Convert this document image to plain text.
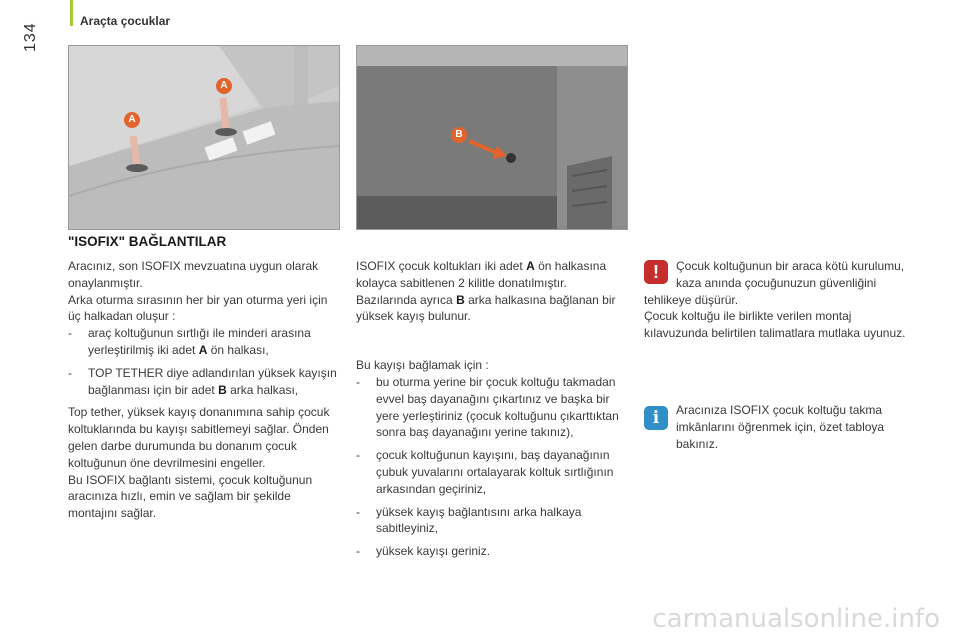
Araçta çocuklar
134
A
A
B
"ISOFIX" BAĞLANTILAR

Aracınız, son ISOFIX mevzuatına uygun olarak onaylanmıştır.

Arka oturma sırasının her bir yan oturma yeri için üç halkadan oluşur :

- araç koltuğunun sırtlığı ile minderi arasına yerleştirilmiş iki adet A ön halkası,
- TOP TETHER diye adlandırılan yüksek kayışın bağlanması için bir adet B arka halkası,

Top tether, yüksek kayış donanımına sahip çocuk koltuklarında bu kayışı sabitlemeyi sağlar. Önden gelen darbe durumunda bu donanım çocuk koltuğunun öne devrilmesini engeller.

Bu ISOFIX bağlantı sistemi, çocuk koltuğunun aracınıza hızlı, emin ve sağlam bir şekilde montajını sağlar.

ISOFIX çocuk koltukları iki adet A ön halkasına kolayca sabitlenen 2 kilitle donatılmıştır.

Bazılarında ayrıca B arka halkasına bağlanan bir yüksek kayış bulunur.

Bu kayışı bağlamak için :

- bu oturma yerine bir çocuk koltuğu takmadan evvel baş dayanağını çıkartınız ve başka bir yere yerleştiriniz (çocuk koltuğunu çıkarttıktan sonra baş dayanağını yerine takınız),
- çocuk koltuğunun kayışını, baş dayanağının çubuk yuvalarını ortalayarak koltuk sırtlığının arkasından geçiriniz,
- yüksek kayış bağlantısını arka halkaya sabitleyiniz,
- yüksek kayışı geriniz.
!	Çocuk koltuğunun bir araca kötü kurulumu, kaza anında çocuğunuzun güvenliğini tehlikeye düşürür.

Çocuk koltuğu ile birlikte verilen montaj kılavuzunda belirtilen talimatlara mutlaka uyunuz.

i	Aracınıza ISOFIX çocuk koltuğu takma imkânlarını öğrenmek için, özet tabloya bakınız.

carmanualsonline.info
